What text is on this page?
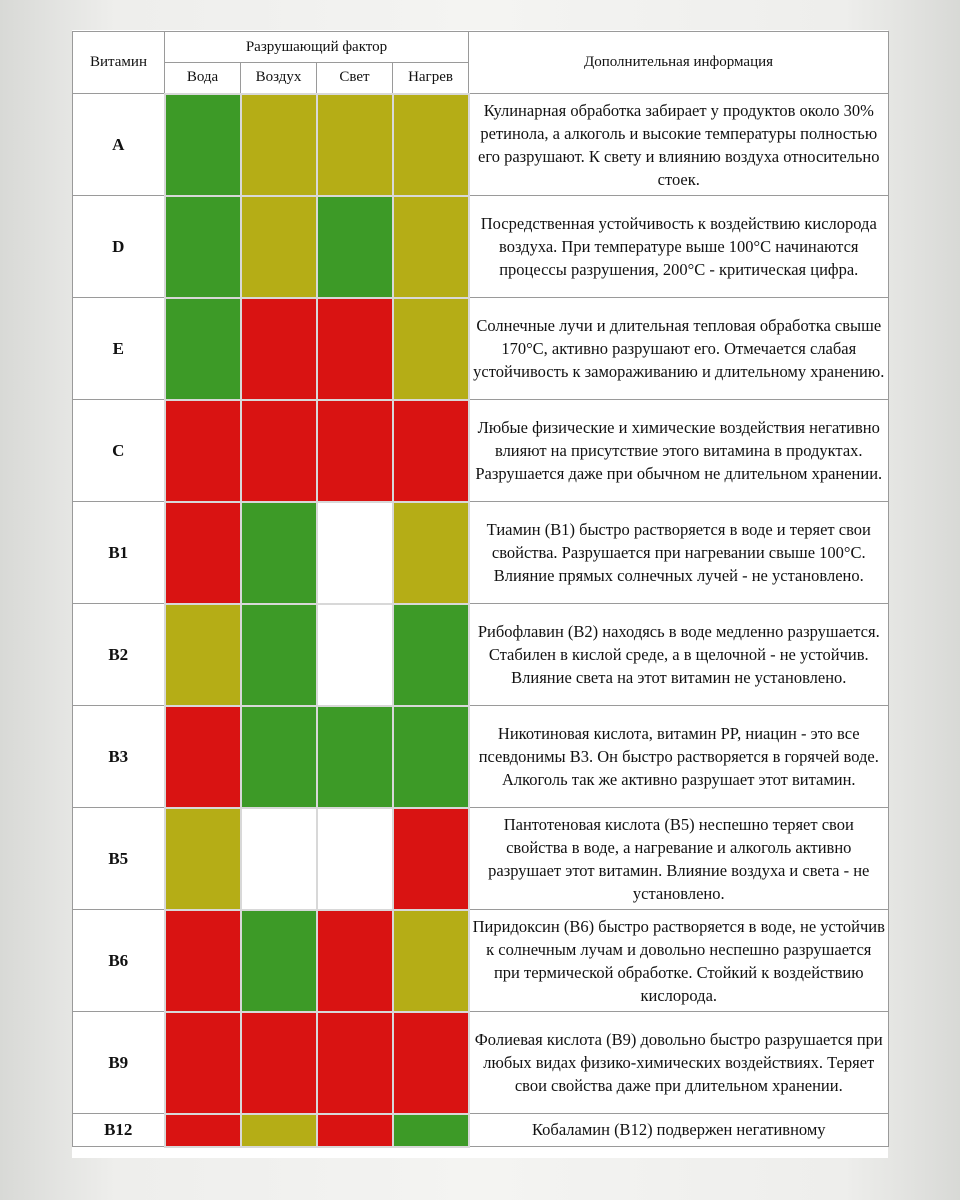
Витамин	Разрушающий фактор				Дополнительная информация
	Вода	Воздух	Свет	Нагрев	
A					Кулинарная обработка забирает у продуктов около 30% ретинола, а алкоголь и высокие температуры полностью его разрушают. К свету и влиянию воздуха относительно стоек.
D					Посредственная устойчивость к воздействию кислорода воздуха. При температуре выше 100°C начинаются процессы разрушения, 200°C - критическая цифра.
E					Солнечные лучи и длительная тепловая обработка свыше 170°C, активно разрушают его. Отмечается слабая устойчивость к замораживанию и длительному хранению.
C					Любые физические и химические воздействия негативно влияют на присутствие этого витамина в продуктах. Разрушается даже при обычном не длительном хранении.
B1					Тиамин (В1) быстро растворяется в воде и теряет свои свойства. Разрушается при нагревании свыше 100°C. Влияние прямых солнечных лучей - не установлено.
B2					Рибофлавин (В2) находясь в воде медленно разрушается. Стабилен в кислой среде, а в щелочной - не устойчив. Влияние света на этот витамин не установлено.
B3					Никотиновая кислота, витамин PP, ниацин - это все псевдонимы В3. Он быстро растворяется в горячей воде. Алкоголь так же активно разрушает этот витамин.
B5					Пантотеновая кислота (В5) неспешно теряет свои свойства в воде, а нагревание и алкоголь активно разрушает этот витамин. Влияние воздуха и света - не установлено.
B6					Пиридоксин (В6) быстро растворяется в воде, не устойчив к солнечным лучам и довольно неспешно разрушается при термической обработке. Стойкий к воздействию кислорода.
B9					Фолиевая кислота (В9) довольно быстро разрушается при любых видах физико-химических воздействиях. Теряет свои свойства даже при длительном хранении.
B12					Кобаламин (В12) подвержен негативному
